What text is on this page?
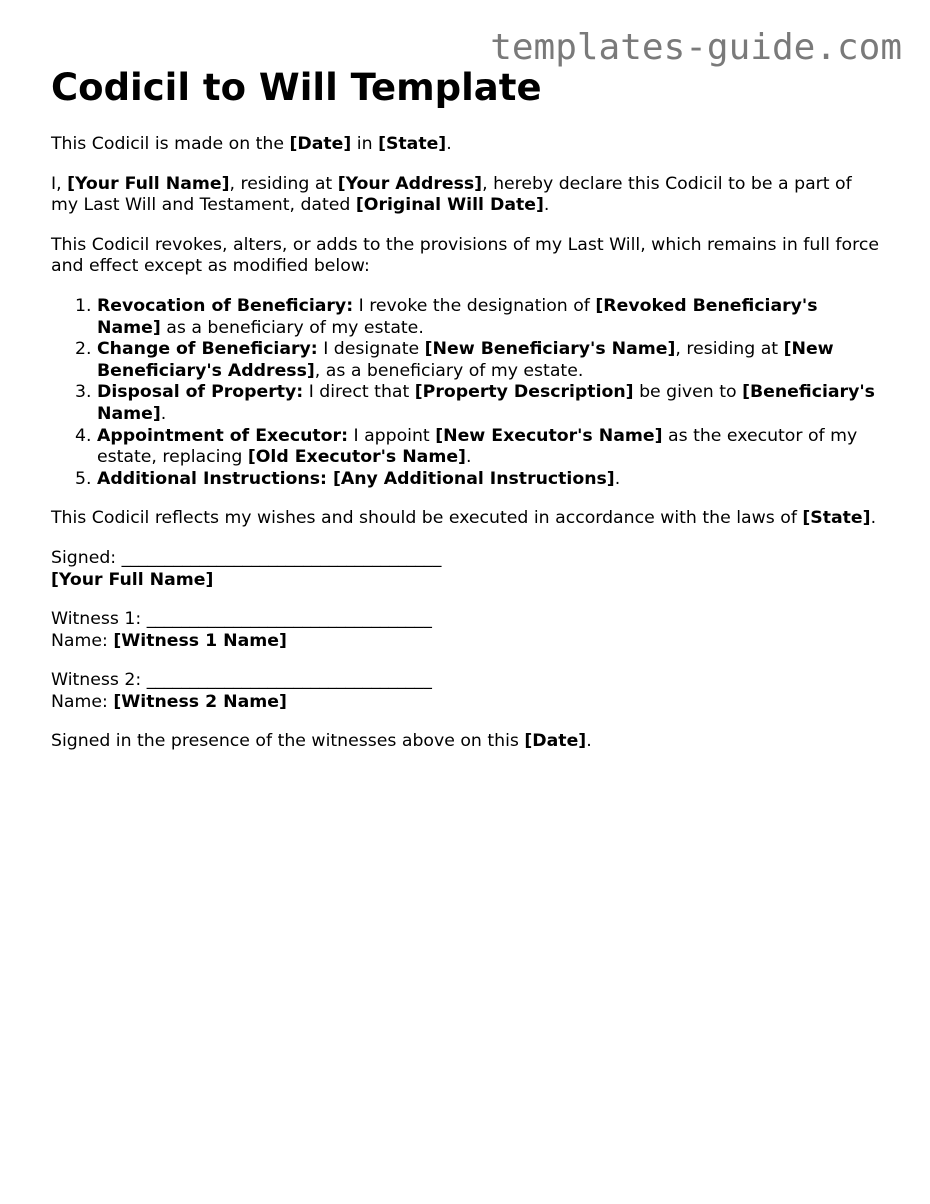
templates-guide.com
Codicil to Will Template

This Codicil is made on the [Date] in [State].

I, [Your Full Name], residing at [Your Address], hereby declare this Codicil to be a part of my Last Will and Testament, dated [Original Will Date].

This Codicil revokes, alters, or adds to the provisions of my Last Will, which remains in full force and effect except as modified below:

1. Revocation of Beneficiary: I revoke the designation of [Revoked Beneficiary's Name] as a beneficiary of my estate.
2. Change of Beneficiary: I designate [New Beneficiary's Name], residing at [New Beneficiary's Address], as a beneficiary of my estate.
3. Disposal of Property: I direct that [Property Description] be given to [Beneficiary's Name].
4. Appointment of Executor: I appoint [New Executor's Name] as the executor of my estate, replacing [Old Executor's Name].
5. Additional Instructions: [Any Additional Instructions].

This Codicil reflects my wishes and should be executed in accordance with the laws of [State].

Signed: _____________________________________
[Your Full Name]
Witness 1: _________________________________
Name: [Witness 1 Name]
Witness 2: _________________________________
Name: [Witness 2 Name]

Signed in the presence of the witnesses above on this [Date].
